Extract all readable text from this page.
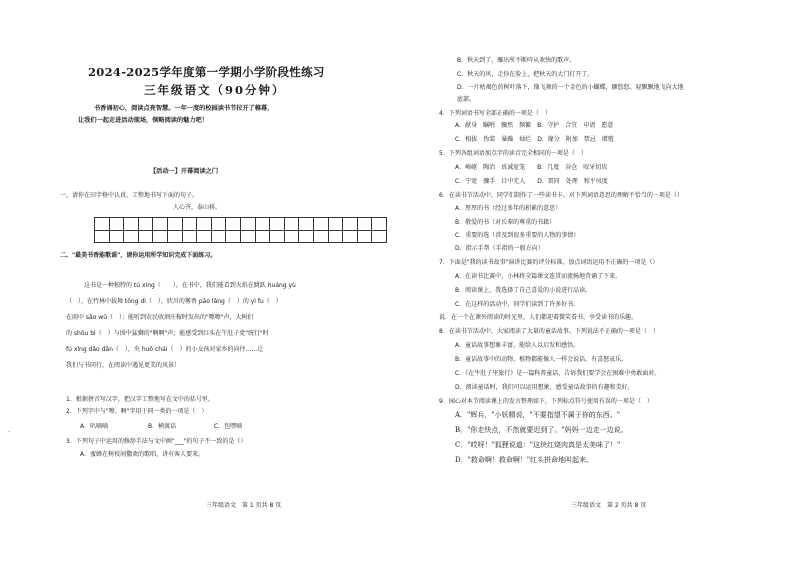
2024-2025学年度第一学期小学阶段性练习
三年级语文（90分钟）
书香诵初心，阅读点亮智慧。一年一度的校园读书节拉开了帷幕，
让我们一起走进活动现场，领略阅读的魅力吧！
【活动一】开幕阅读之门
一、请你在田字格中认真、工整地书写下面的句子。
人心齐，泰山移。

二、"最美书香能歌谣"，请你运用所学知识完成下面练习。
这书是一种独特的 tú xíng（　　）。在书中，我们能看到火焰在跳跃 huáng yù
（　），在竹林中载舞 tōng dì（　），欣川的雾香 pāo lǎng（　）的 yì fu（　）
在雨中 sǎo wǔ（　）；能听到农民收割庄稼时发出的"嚓嚓"声，大树们
的 shōu bì（　）与围中猛狮的"啊啊"声；能感受到红头在午肚子党"统行"时
fú xǐng dǎo dǎn（　），央 huǒ chái（　）的小女孩对家乡的向往……让
我们与书同行，在阅读中遇见更美的风景！
1．根据拼音写汉字，把汉字工整地写在文中的括号里。
2．下列字中与"嚓、啊"字用于同一类的一项是（　）
A．叭嘀嘀	B．横渡话	C．包嘿嘀
3．下列句子中运用的修辞手法与文中画"___"的句子不一致的是（）
A．蜜蜂在树枝间撒欢的歌唱，讲有客人要来。
三年级语文　第 1 页共 8 页
·
B．秋天到了，雁出所不断吟从欢快的歌声。
C．秋天的风，走你在脸上，把秋天的大门打开了。
D．一片枯褐色的树叶落下，像飞舞的一个金色的小蝴蝶，颤悠悠、轻飘飘地飞向大地
底部。
4．下列词语书写全部正确的一项是（　）
A．献身　瞩咐　骤然　频繁　B．守护　合宜　申请　愿意
C．相拔　伪装　暴躁　灿烂　D．缘分　附加　禁忌　增殖
5．下列各组词语加点字的读音完全相同的一项是（　）
A．崎岖　陶冶　真诚庞笼　　B．几度　谷仓　咬牙切齿
C．宁宽　骤手　目中无人　　D．雷同　处理　和平风度
6．在读书节活动中，同学们制作了一些读书卡。对下列词语意思的理解不恰当的一项是（）
A．厚厚的书（经过多年的积累的意思）
B．敬爱的书（对长辈的尊重的书籍）
C．重要的选（涉及到很多重要的人物的事情）
D．指示手帮（手指的一般方向）
7．下面是"我的读书故事"演讲比赛的评分标准，加点词语运用不正确的一项是（）
A．在读书比赛中，小林将全篇课文连贯而流畅地背诵了下来。
B．阅读课上，我选择了自己喜爱的小说进行品读。
C．在这样的活动中，同学们读到了许多好书。
说．在一个在课外阅读的时光里，人们都迎着微笑看书，享受读书的乐趣。
8．在读书节活动中，大家阅读了大量的童话故事。下列说法不正确的一项是（　）
A．童话故事想象丰富，能给人以启发和感悟。
B．童话故事中的动物、植物都能像人一样会说话，有喜怒哀乐。
C．《在牛肚子里旅行》是一篇科普童话，告诉我们要学会在困难中勇敢面对。
D．阅读童话时，我们可以运用想象，感受童话故事的有趣和美好。
9．园心对本节阅读课上的发言整理如下，下列标点符号使用有误的一项是（　）
A．"辉兵，"小妖精说，"不要指望不属于你的东西。"
B．"你走快点，不然就要迟到了。"妈妈一边走一边说。
C．"哎呀！"狐狸说道："这块红烧肉真是太美味了！"
D．"救命啊！救命啊！"红头拼命地叫起来。
三年级语文　第 2 页共 8 页
